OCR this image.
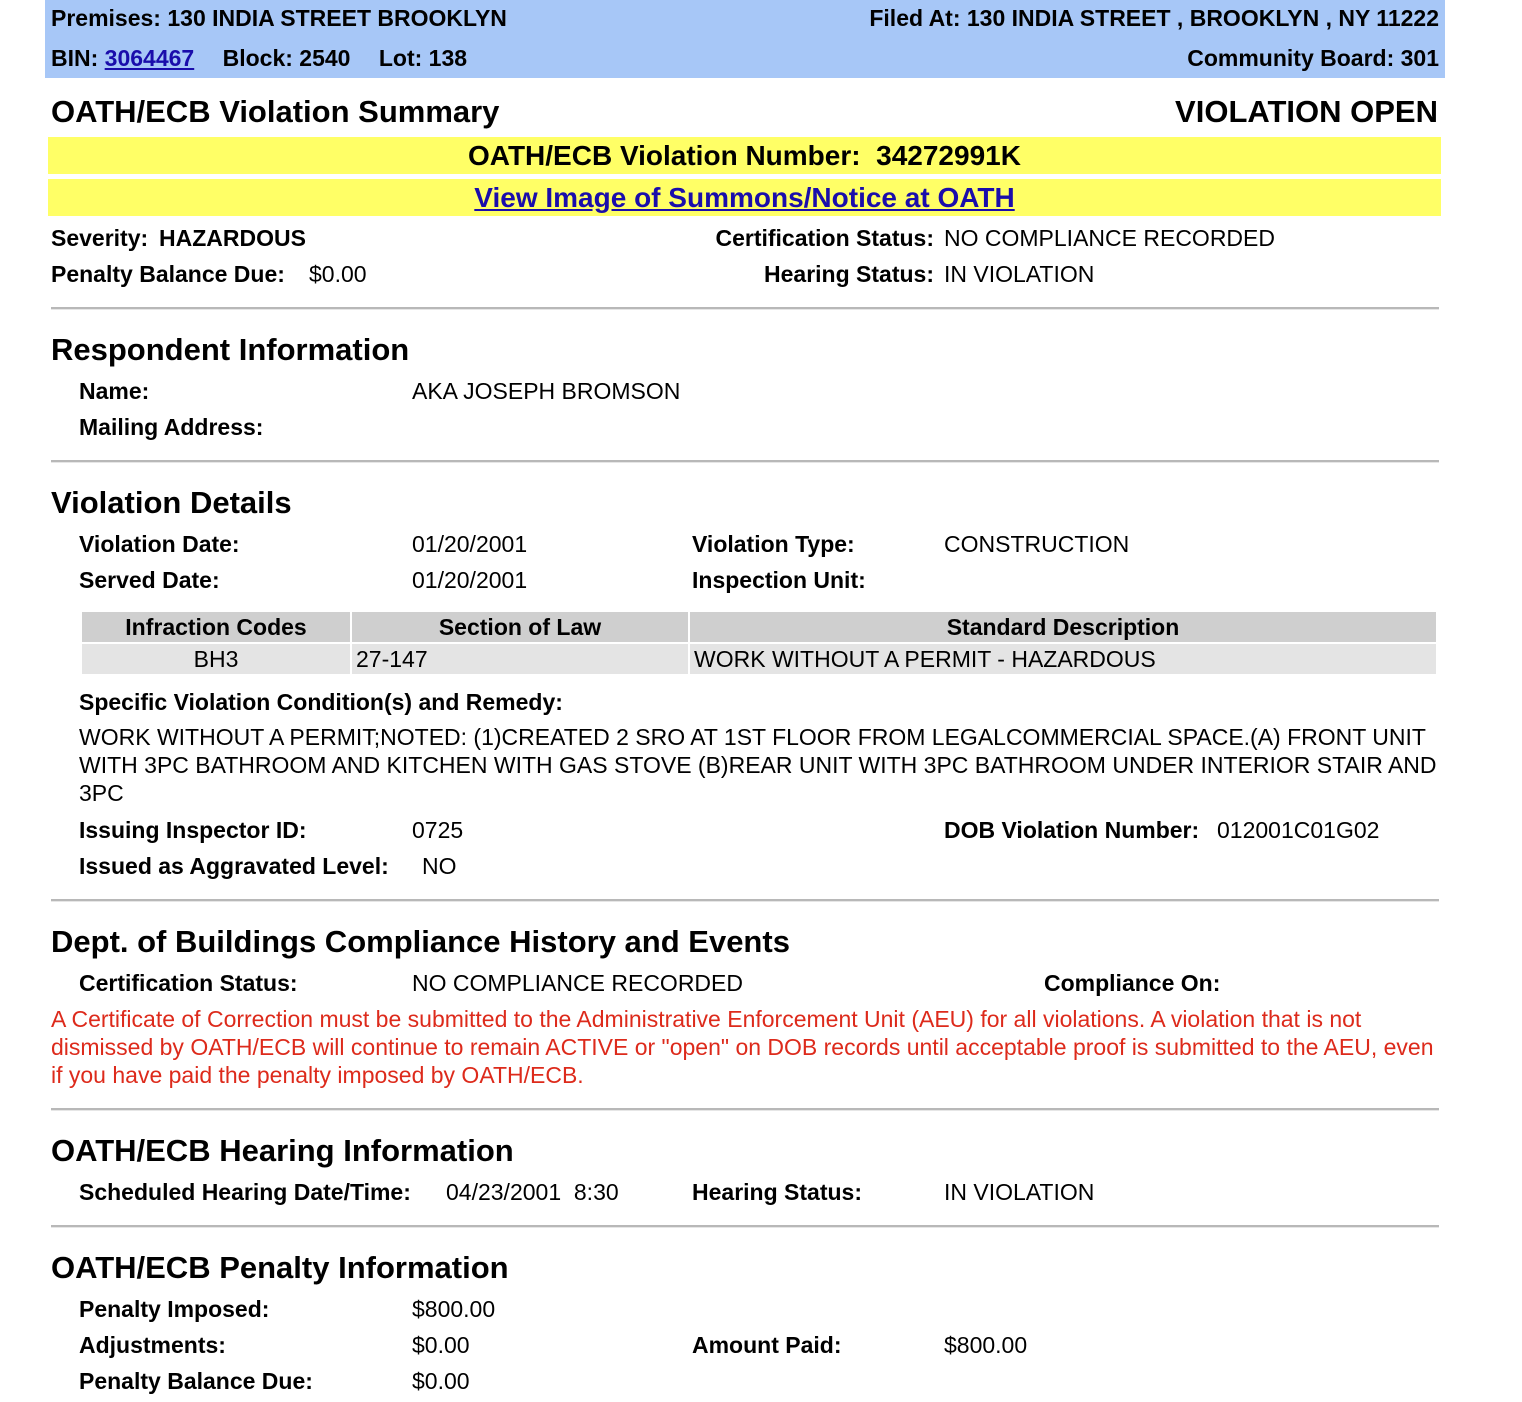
Premises: 130 INDIA STREET BROOKLYN	Filed At: 130 INDIA STREET , BROOKLYN , NY 11222
BIN: 3064467 Block: 2540 Lot: 138	Community Board: 301
OATH/ECB Violation Summary	VIOLATION OPEN
OATH/ECB Violation Number: 34272991K
View Image of Summons/Notice at OATH
Severity: HAZARDOUS	Certification Status: NO COMPLIANCE RECORDED
Penalty Balance Due: $0.00	Hearing Status: IN VIOLATION
Respondent Information
Name:	AKA JOSEPH BROMSON
Mailing Address:
Violation Details
Violation Date:	01/20/2001	Violation Type:	CONSTRUCTION
Served Date:	01/20/2001	Inspection Unit:
Infraction Codes	Section of Law	Standard Description
BH3	27-147	WORK WITHOUT A PERMIT - HAZARDOUS
Specific Violation Condition(s) and Remedy:
WORK WITHOUT A PERMIT;NOTED: (1)CREATED 2 SRO AT 1ST FLOOR FROM LEGALCOMMERCIAL SPACE.(A) FRONT UNIT WITH 3PC BATHROOM AND KITCHEN WITH GAS STOVE (B)REAR UNIT WITH 3PC BATHROOM UNDER INTERIOR STAIR AND 3PC
Issuing Inspector ID:	0725	DOB Violation Number: 012001C01G02
Issued as Aggravated Level: NO
Dept. of Buildings Compliance History and Events
Certification Status:	NO COMPLIANCE RECORDED	Compliance On:
A Certificate of Correction must be submitted to the Administrative Enforcement Unit (AEU) for all violations. A violation that is not dismissed by OATH/ECB will continue to remain ACTIVE or "open" on DOB records until acceptable proof is submitted to the AEU, even if you have paid the penalty imposed by OATH/ECB.
OATH/ECB Hearing Information
Scheduled Hearing Date/Time: 04/23/2001  8:30	Hearing Status:	IN VIOLATION
OATH/ECB Penalty Information
Penalty Imposed:	$800.00
Adjustments:	$0.00	Amount Paid:	$800.00
Penalty Balance Due:	$0.00
